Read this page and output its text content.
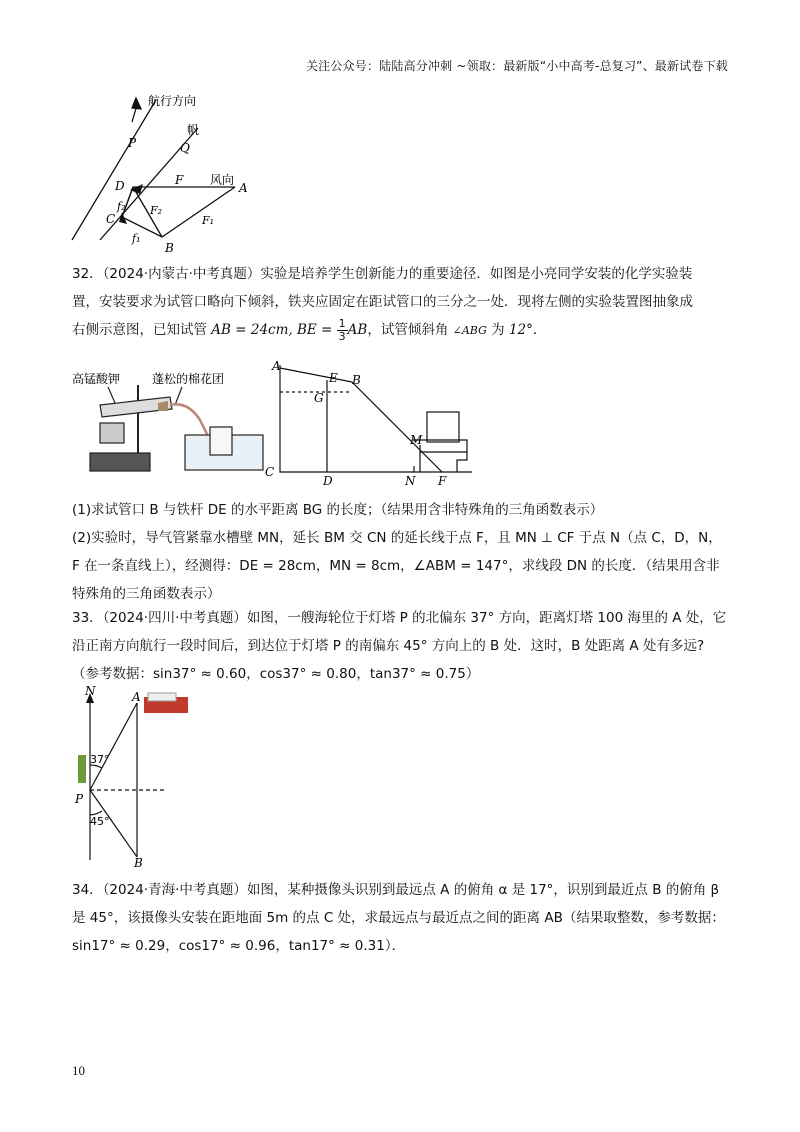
关注公众号：陆陆高分冲刺 ~领取：最新版“小中高考-总复习”、最新试卷下载
航行方向
帆
风向
P	Q
D	F
A
C
f₂ F₂
F₁
f₁
B
32．（2024·内蒙古·中考真题）实验是培养学生创新能力的重要途径．如图是小亮同学安装的化学实验装
置，安装要求为试管口略向下倾斜，铁夹应固定在距试管口的三分之一处．现将左侧的实验装置图抽象成
右侧示意图，已知试管 AB = 24cm, BE = $\frac{1}{3}$ AB，试管倾斜角 ∠ABG 为 12°．
高锰酸钾	蓬松的棉花团
A
E B
G
M
C
D	N F
(1)求试管口 B 与铁杆 DE 的水平距离 BG 的长度；（结果用含非特殊角的三角函数表示）
(2)实验时，导气管紧靠水槽壁 MN，延长 BM 交 CN 的延长线于点 F，且 MN ⊥ CF 于点 N（点 C，D，N，
F 在一条直线上），经测得：DE = 28cm，MN = 8cm，∠ABM = 147°，求线段 DN 的长度．（结果用含非
特殊角的三角函数表示）
33．（2024·四川·中考真题）如图，一艘海轮位于灯塔 P 的北偏东 37° 方向，距离灯塔 100 海里的 A 处，它
沿正南方向航行一段时间后，到达位于灯塔 P 的南偏东 45° 方向上的 B 处．这时，B 处距离 A 处有多远?
（参考数据：sin37° ≈ 0.60，cos37° ≈ 0.80，tan37° ≈ 0.75）
N	A
P
B
37°
45°
34．（2024·青海·中考真题）如图，某种摄像头识别到最远点 A 的俯角 α 是 17°，识别到最近点 B 的俯角 β
是 45°，该摄像头安装在距地面 5m 的点 C 处，求最远点与最近点之间的距离 AB（结果取整数，参考数据：
sin17° ≈ 0.29，cos17° ≈ 0.96，tan17° ≈ 0.31）．
10
